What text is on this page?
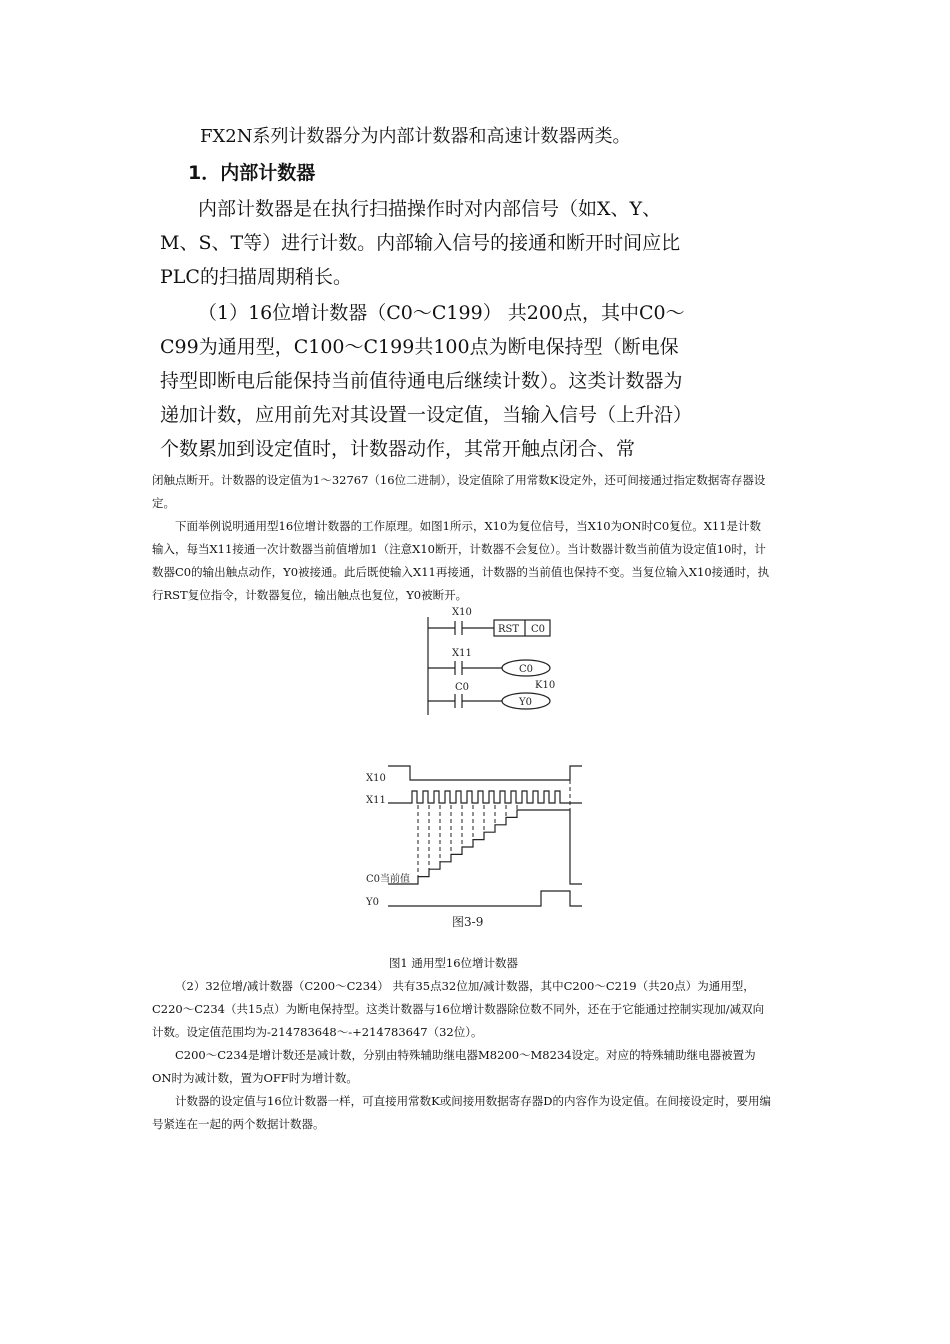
FX2N系列计数器分为内部计数器和高速计数器两类。
1．内部计数器

内部计数器是在执行扫描操作时对内部信号（如X、Y、M、S、T等）进行计数。内部输入信号的接通和断开时间应比PLC的扫描周期稍长。

（1）16位增计数器（C0～C199） 共200点，其中C0～C99为通用型，C100～C199共100点为断电保持型（断电保持型即断电后能保持当前值待通电后继续计数）。这类计数器为递加计数，应用前先对其设置一设定值，当输入信号（上升沿）个数累加到设定值时，计数器动作，其常开触点闭合、常

闭触点断开。计数器的设定值为1～32767（16位二进制），设定值除了用常数K设定外，还可间接通过指定数据寄存器设定。

下面举例说明通用型16位增计数器的工作原理。如图1所示，X10为复位信号，当X10为ON时C0复位。X11是计数输入，每当X11接通一次计数器当前值增加1（注意X10断开，计数器不会复位）。当计数器计数当前值为设定值10时，计数器C0的输出触点动作，Y0被接通。此后既使输入X11再接通，计数器的当前值也保持不变。当复位输入X10接通时，执行RST复位指令，计数器复位，输出触点也复位，Y0被断开。

X10
RST C0
X11
C0
K10
C0
Y0
X10
X11
C0当前值
Y0
图3-9
图1 通用型16位增计数器

（2）32位增/减计数器（C200～C234） 共有35点32位加/减计数器，其中C200～C219（共20点）为通用型，C220～C234（共15点）为断电保持型。这类计数器与16位增计数器除位数不同外，还在于它能通过控制实现加/减双向计数。设定值范围均为-214783648～-+214783647（32位）。

C200～C234是增计数还是减计数，分别由特殊辅助继电器M8200～M8234设定。对应的特殊辅助继电器被置为ON时为减计数，置为OFF时为增计数。

计数器的设定值与16位计数器一样，可直接用常数K或间接用数据寄存器D的内容作为设定值。在间接设定时，要用编号紧连在一起的两个数据计数器。
